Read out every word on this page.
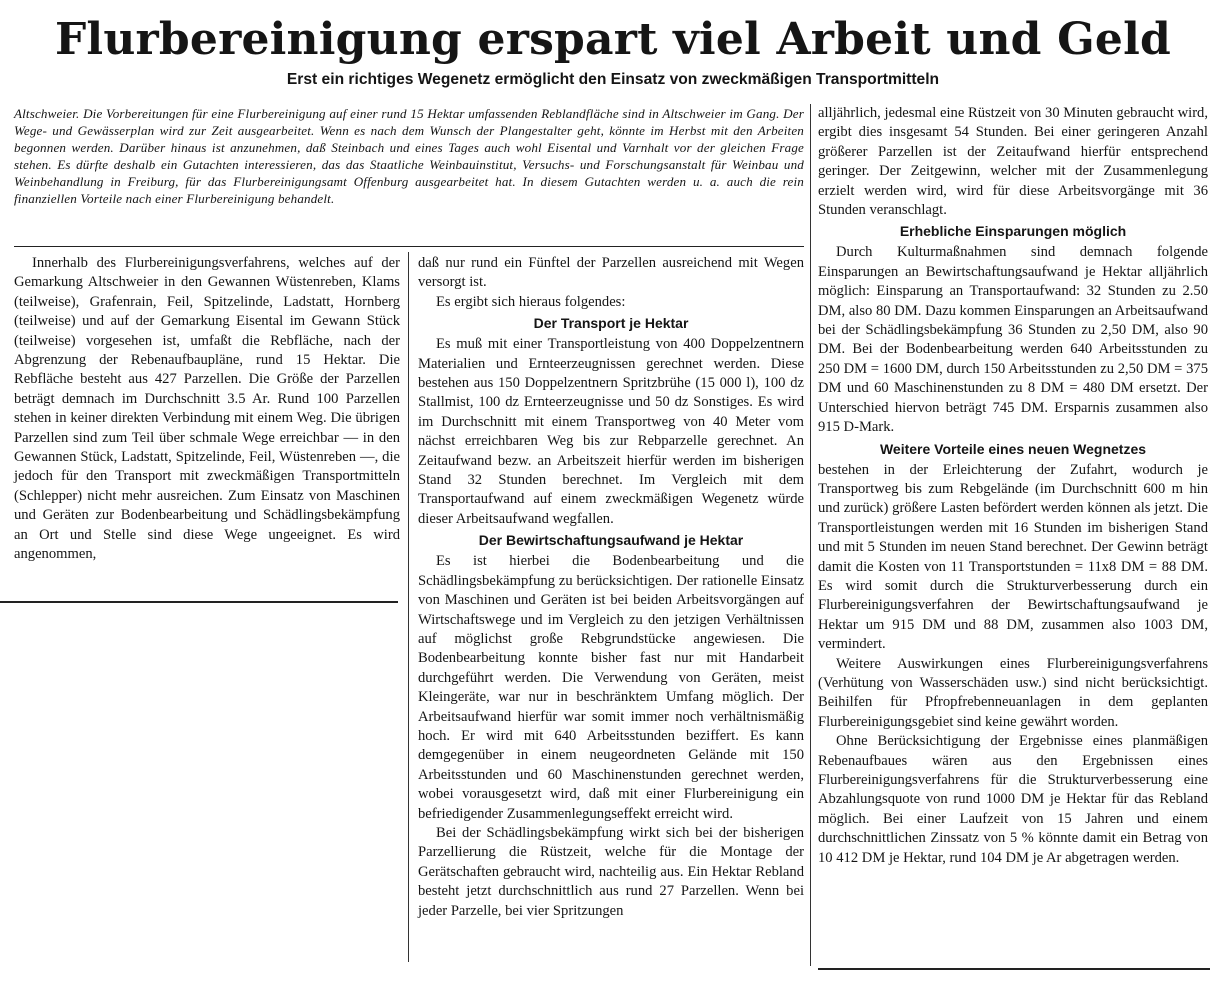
Flurbereinigung erspart viel Arbeit und Geld
Erst ein richtiges Wegenetz ermöglicht den Einsatz von zweckmäßigen Transportmitteln
Altschweier. Die Vorbereitungen für eine Flurbereinigung auf einer rund 15 Hektar umfassenden Reblandfläche sind in Altschweier im Gang. Der Wege- und Gewässerplan wird zur Zeit ausgearbeitet. Wenn es nach dem Wunsch der Plangestalter geht, könnte im Herbst mit den Arbeiten begonnen werden. Darüber hinaus ist anzunehmen, daß Steinbach und eines Tages auch wohl Eisental und Varnhalt vor der gleichen Frage stehen. Es dürfte deshalb ein Gutachten interessieren, das das Staatliche Weinbauinstitut, Versuchs- und Forschungsanstalt für Weinbau und Weinbehandlung in Freiburg, für das Flurbereinigungsamt Offenburg ausgearbeitet hat. In diesem Gutachten werden u. a. auch die rein finanziellen Vorteile nach einer Flurbereinigung behandelt.

Innerhalb des Flurbereinigungsverfahrens, welches auf der Gemarkung Altschweier in den Gewannen Wüstenreben, Klams (teilweise), Grafenrain, Feil, Spitzelinde, Ladstatt, Hornberg (teilweise) und auf der Gemarkung Eisental im Gewann Stück (teilweise) vorgesehen ist, umfaßt die Rebfläche, nach der Abgrenzung der Rebenaufbaupläne, rund 15 Hektar. Die Rebfläche besteht aus 427 Parzellen. Die Größe der Parzellen beträgt demnach im Durchschnitt 3.5 Ar. Rund 100 Parzellen stehen in keiner direkten Verbindung mit einem Weg. Die übrigen Parzellen sind zum Teil über schmale Wege erreichbar — in den Gewannen Stück, Ladstatt, Spitzelinde, Feil, Wüstenreben —, die jedoch für den Transport mit zweckmäßigen Transportmitteln (Schlepper) nicht mehr ausreichen. Zum Einsatz von Maschinen und Geräten zur Bodenbearbeitung und Schädlingsbekämpfung an Ort und Stelle sind diese Wege ungeeignet. Es wird angenommen,

daß nur rund ein Fünftel der Parzellen ausreichend mit Wegen versorgt ist.

Es ergibt sich hieraus folgendes:

Der Transport je Hektar

Es muß mit einer Transportleistung von 400 Doppelzentnern Materialien und Ernteerzeugnissen gerechnet werden. Diese bestehen aus 150 Doppelzentnern Spritzbrühe (15 000 l), 100 dz Stallmist, 100 dz Ernteerzeugnisse und 50 dz Sonstiges. Es wird im Durchschnitt mit einem Transportweg von 40 Meter vom nächst erreichbaren Weg bis zur Rebparzelle gerechnet. An Zeitaufwand bezw. an Arbeitszeit hierfür werden im bisherigen Stand 32 Stunden berechnet. Im Vergleich mit dem Transportaufwand auf einem zweckmäßigen Wegenetz würde dieser Arbeitsaufwand wegfallen.

Der Bewirtschaftungsaufwand je Hektar

Es ist hierbei die Bodenbearbeitung und die Schädlingsbekämpfung zu berücksichtigen. Der rationelle Einsatz von Maschinen und Geräten ist bei beiden Arbeitsvorgängen auf Wirtschaftswege und im Vergleich zu den jetzigen Verhältnissen auf möglichst große Rebgrundstücke angewiesen. Die Bodenbearbeitung konnte bisher fast nur mit Handarbeit durchgeführt werden. Die Verwendung von Geräten, meist Kleingeräte, war nur in beschränktem Umfang möglich. Der Arbeitsaufwand hierfür war somit immer noch verhältnismäßig hoch. Er wird mit 640 Arbeitsstunden beziffert. Es kann demgegenüber in einem neugeordneten Gelände mit 150 Arbeitsstunden und 60 Maschinenstunden gerechnet werden, wobei vorausgesetzt wird, daß mit einer Flurbereinigung ein befriedigender Zusammenlegungseffekt erreicht wird.

Bei der Schädlingsbekämpfung wirkt sich bei der bisherigen Parzellierung die Rüstzeit, welche für die Montage der Gerätschaften gebraucht wird, nachteilig aus. Ein Hektar Rebland besteht jetzt durchschnittlich aus rund 27 Parzellen. Wenn bei jeder Parzelle, bei vier Spritzungen

alljährlich, jedesmal eine Rüstzeit von 30 Minuten gebraucht wird, ergibt dies insgesamt 54 Stunden. Bei einer geringeren Anzahl größerer Parzellen ist der Zeitaufwand hierfür entsprechend geringer. Der Zeitgewinn, welcher mit der Zusammenlegung erzielt werden wird, wird für diese Arbeitsvorgänge mit 36 Stunden veranschlagt.

Erhebliche Einsparungen möglich

Durch Kulturmaßnahmen sind demnach folgende Einsparungen an Bewirtschaftungsaufwand je Hektar alljährlich möglich: Einsparung an Transportaufwand: 32 Stunden zu 2.50 DM, also 80 DM. Dazu kommen Einsparungen an Arbeitsaufwand bei der Schädlingsbekämpfung 36 Stunden zu 2,50 DM, also 90 DM. Bei der Bodenbearbeitung werden 640 Arbeitsstunden zu 250 DM = 1600 DM, durch 150 Arbeitsstunden zu 2,50 DM = 375 DM und 60 Maschinenstunden zu 8 DM = 480 DM ersetzt. Der Unterschied hiervon beträgt 745 DM. Ersparnis zusammen also 915 D-Mark.

Weitere Vorteile eines neuen Wegnetzes

bestehen in der Erleichterung der Zufahrt, wodurch je Transportweg bis zum Rebgelände (im Durchschnitt 600 m hin und zurück) größere Lasten befördert werden können als jetzt. Die Transportleistungen werden mit 16 Stunden im bisherigen Stand und mit 5 Stunden im neuen Stand berechnet. Der Gewinn beträgt damit die Kosten von 11 Transportstunden = 11x8 DM = 88 DM. Es wird somit durch die Strukturverbesserung durch ein Flurbereinigungsverfahren der Bewirtschaftungsaufwand je Hektar um 915 DM und 88 DM, zusammen also 1003 DM, vermindert.

Weitere Auswirkungen eines Flurbereinigungsverfahrens (Verhütung von Wasserschäden usw.) sind nicht berücksichtigt. Beihilfen für Pfropfrebenneuanlagen in dem geplanten Flurbereinigungsgebiet sind keine gewährt worden.

Ohne Berücksichtigung der Ergebnisse eines planmäßigen Rebenaufbaues wären aus den Ergebnissen eines Flurbereinigungsverfahrens für die Strukturverbesserung eine Abzahlungsquote von rund 1000 DM je Hektar für das Rebland möglich. Bei einer Laufzeit von 15 Jahren und einem durchschnittlichen Zinssatz von 5 % könnte damit ein Betrag von 10 412 DM je Hektar, rund 104 DM je Ar abgetragen werden.
